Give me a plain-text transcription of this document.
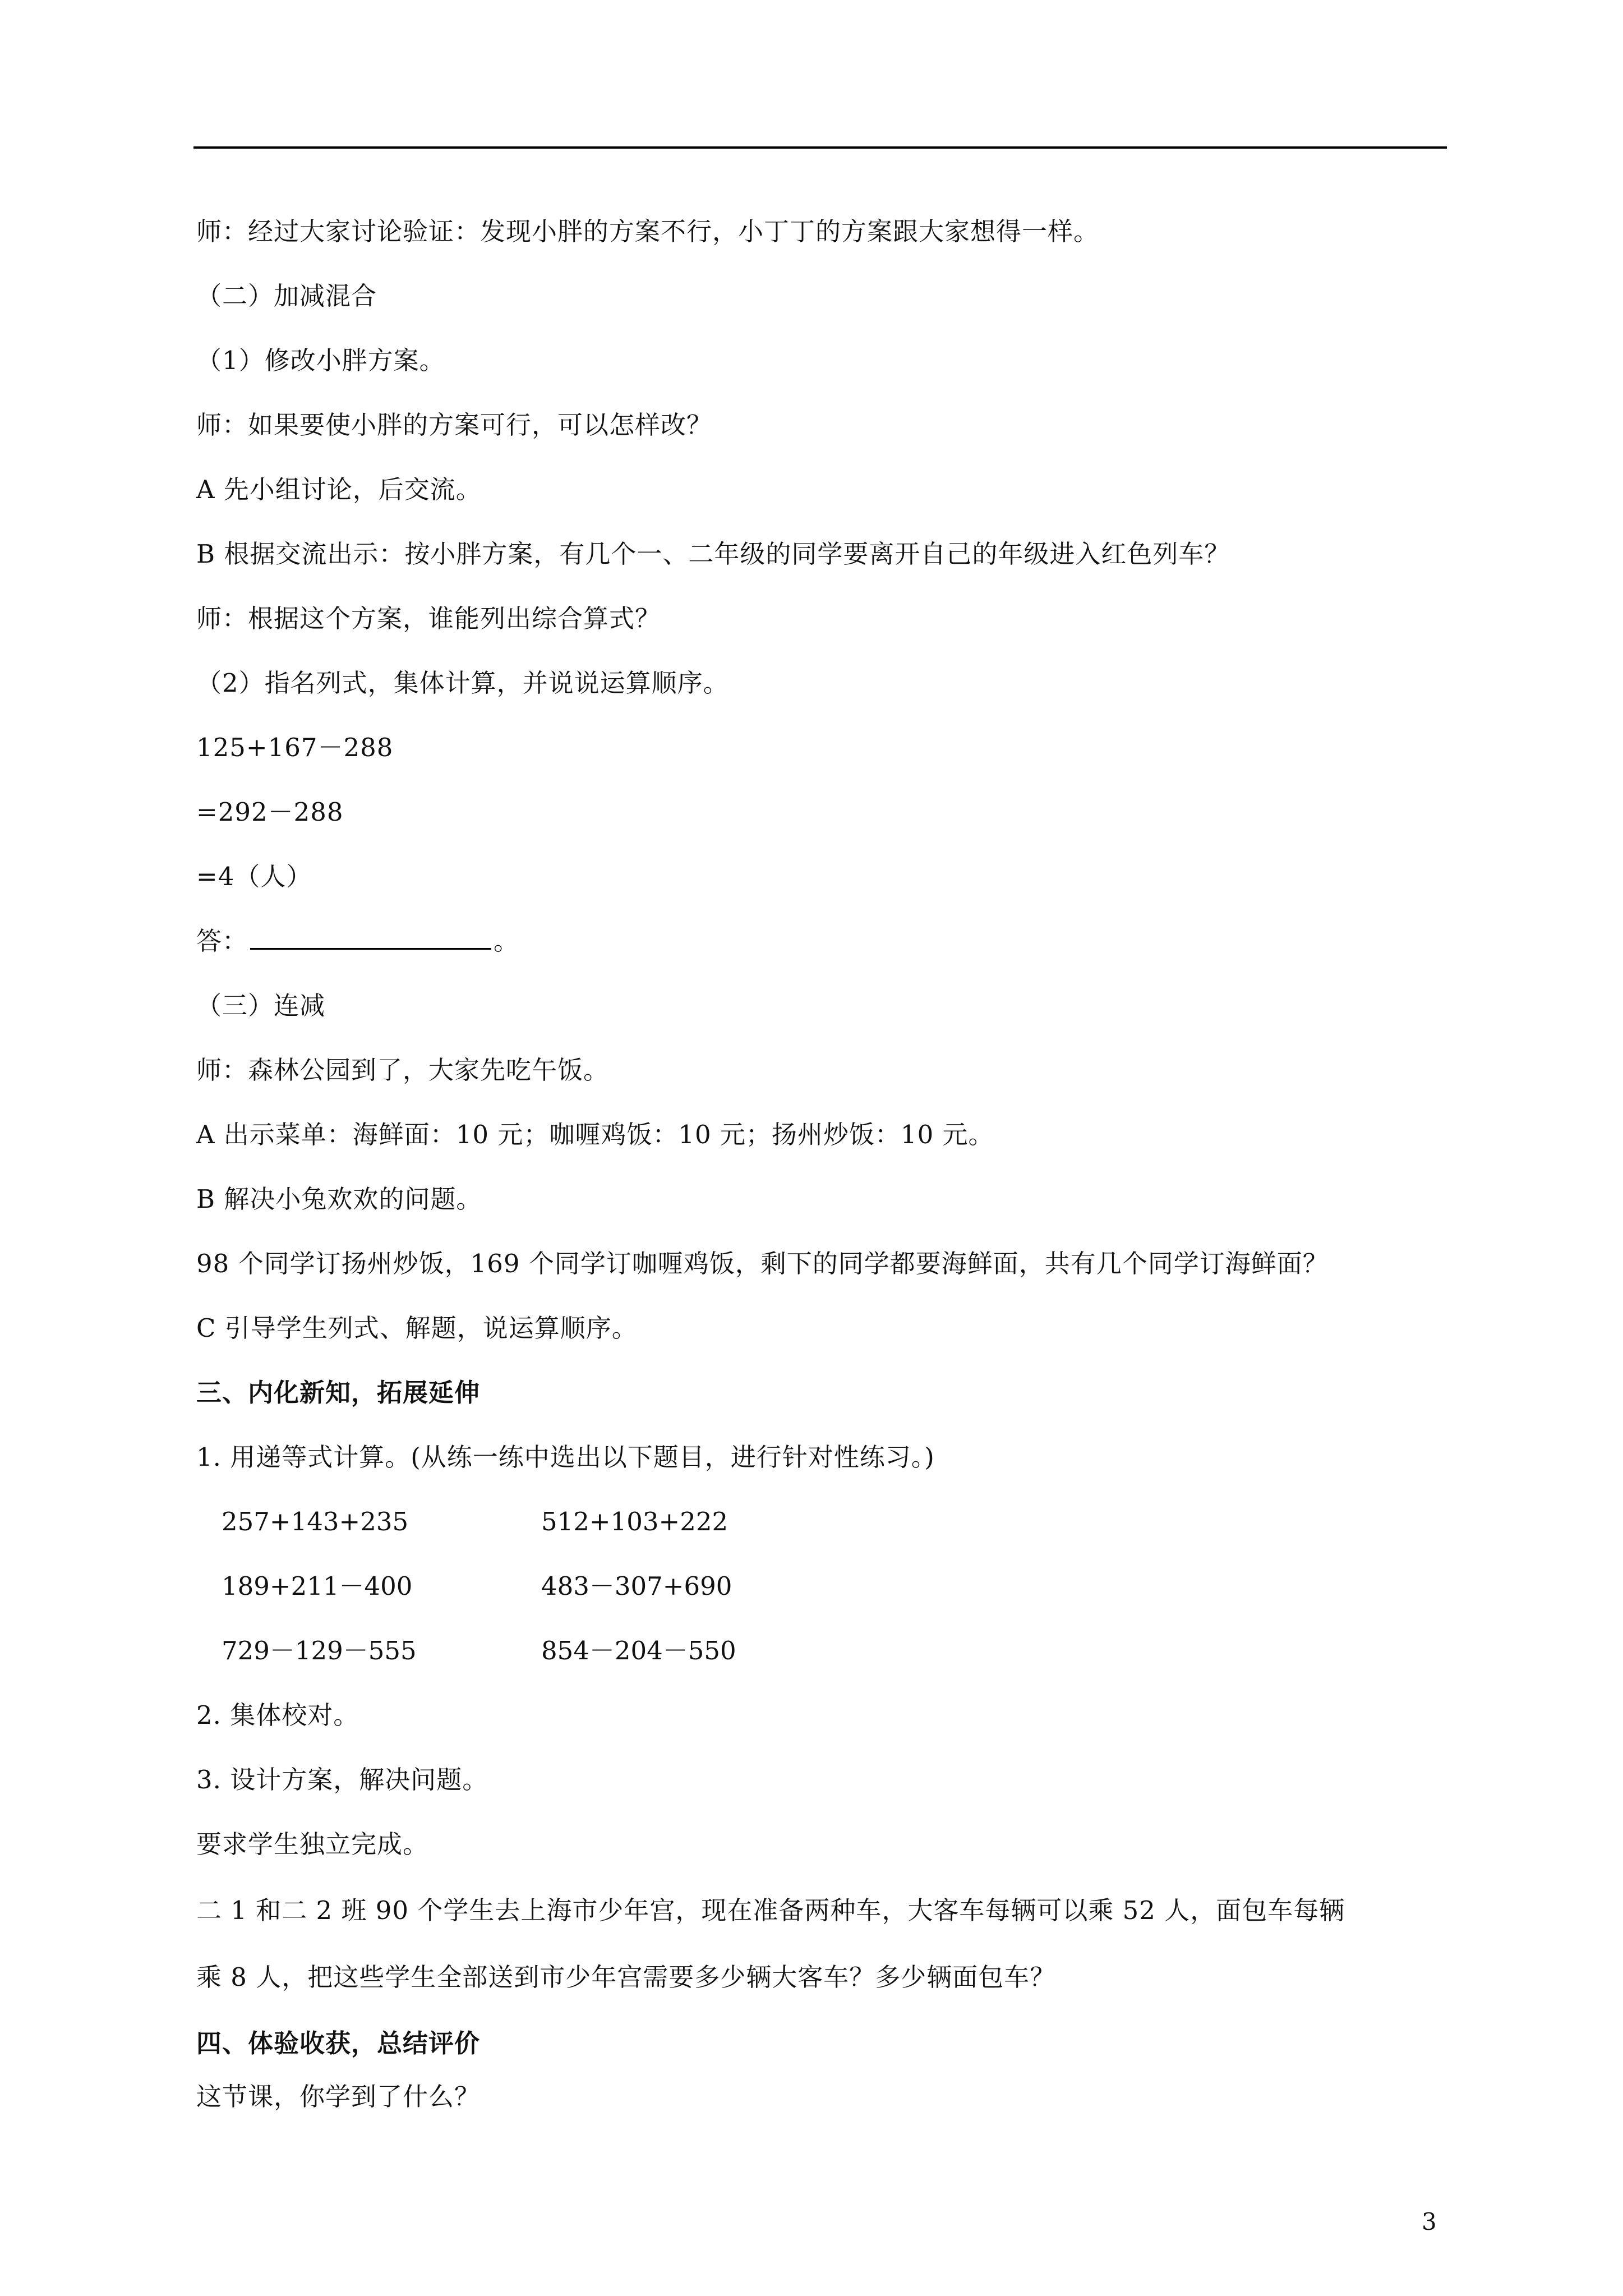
师：经过大家讨论验证：发现小胖的方案不行，小丁丁的方案跟大家想得一样。
（二）加减混合
（1）修改小胖方案。
师：如果要使小胖的方案可行，可以怎样改？
A 先小组讨论，后交流。
B 根据交流出示：按小胖方案，有几个一、二年级的同学要离开自己的年级进入红色列车？
师：根据这个方案，谁能列出综合算式？
（2）指名列式，集体计算，并说说运算顺序。
125+167－288
=292－288
=4（人）
答：	。
（三）连减
师：森林公园到了，大家先吃午饭。
A 出示菜单：海鲜面：10 元；咖喱鸡饭：10 元；扬州炒饭：10 元。
B 解决小兔欢欢的问题。
98 个同学订扬州炒饭，169 个同学订咖喱鸡饭，剩下的同学都要海鲜面，共有几个同学订海鲜面？
C 引导学生列式、解题，说运算顺序。
三、内化新知，拓展延伸
1. 用递等式计算。(从练一练中选出以下题目，进行针对性练习。)
257+143+235	512+103+222
189+211－400	483－307+690
729－129－555	854－204－550
2. 集体校对。
3. 设计方案，解决问题。
要求学生独立完成。
二 1 和二 2 班 90 个学生去上海市少年宫，现在准备两种车，大客车每辆可以乘 52 人，面包车每辆
乘 8 人，把这些学生全部送到市少年宫需要多少辆大客车？多少辆面包车？
四、体验收获，总结评价
这节课，你学到了什么？
3
